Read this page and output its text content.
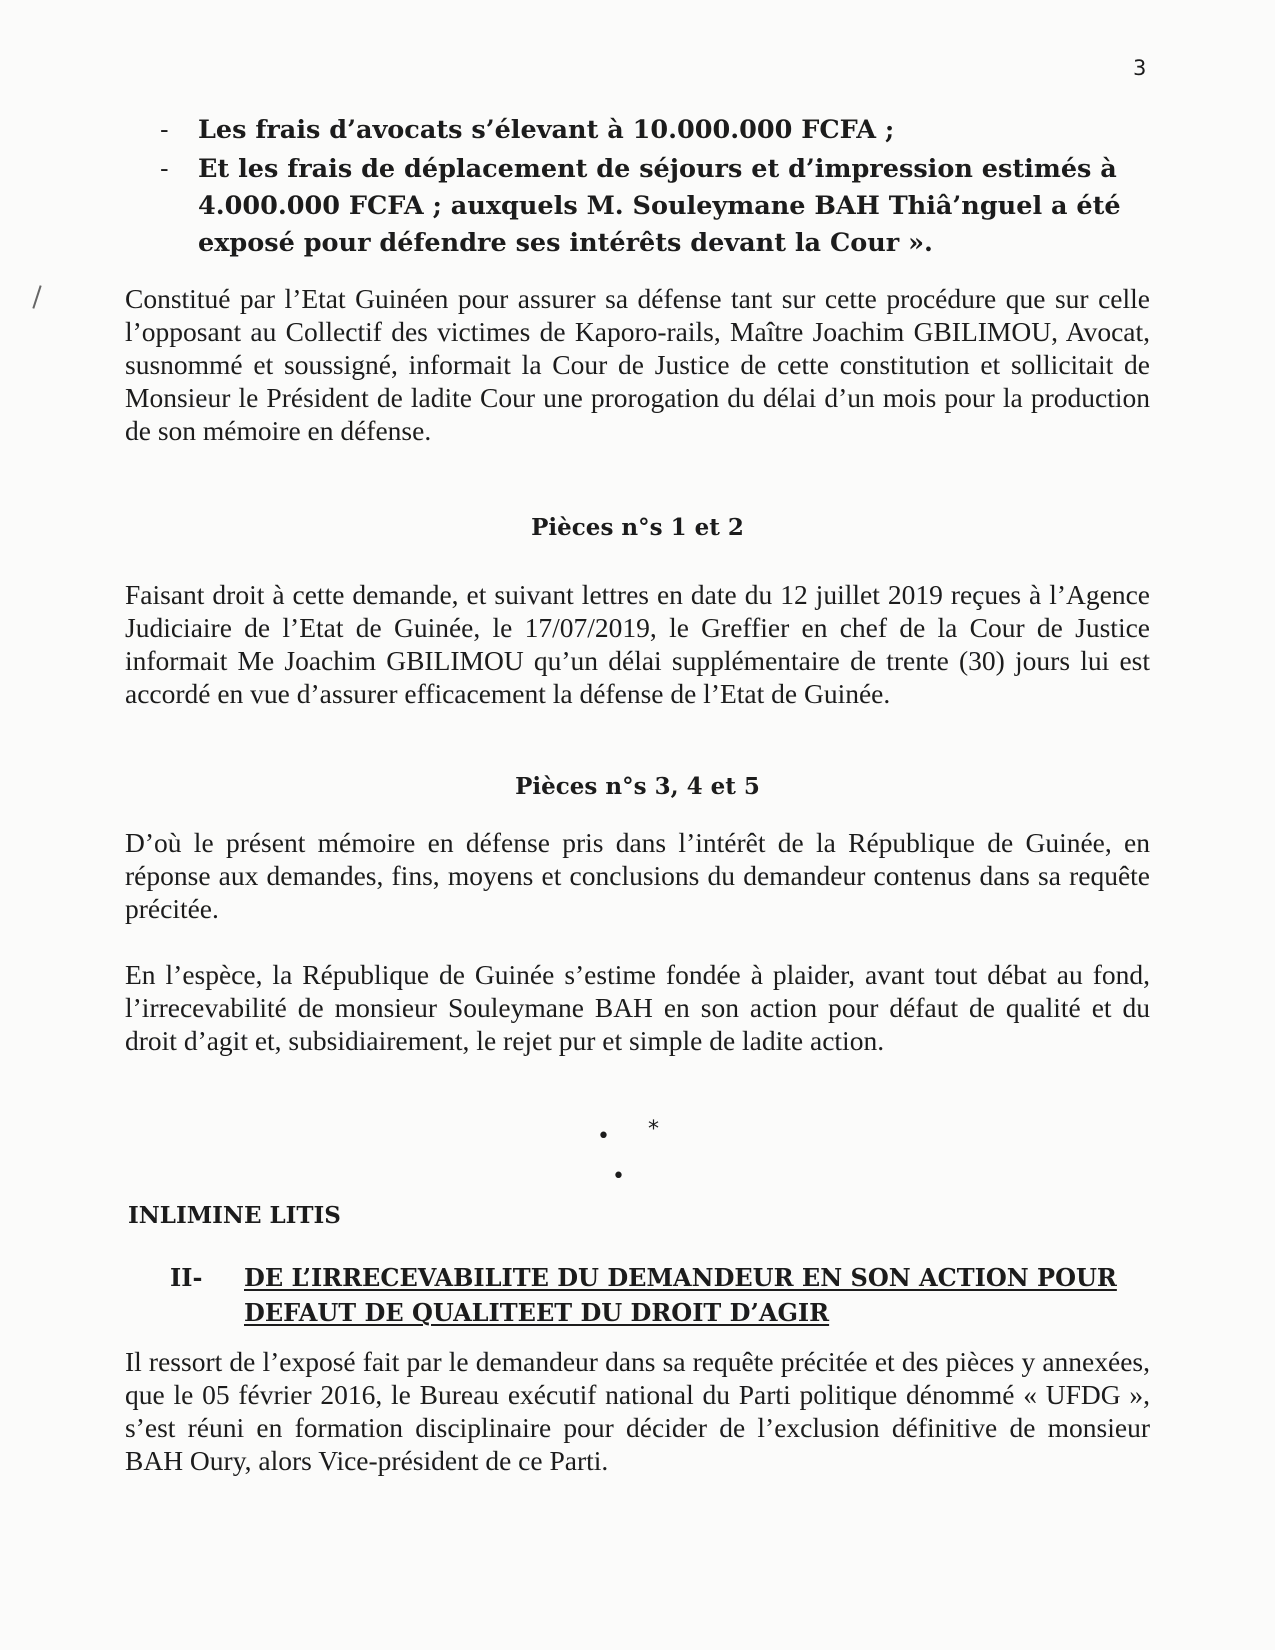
3
- Les frais d’avocats s’élevant à 10.000.000 FCFA ;
- Et les frais de déplacement de séjours et d’impression estimés à 4.000.000 FCFA ; auxquels M. Souleymane BAH Thiâ’nguel a été exposé pour défendre ses intérêts devant la Cour ».

Constitué par l’Etat Guinéen pour assurer sa défense tant sur cette procédure que sur celle l’opposant au Collectif des victimes de Kaporo-rails, Maître Joachim GBILIMOU, Avocat, susnommé et soussigné, informait la Cour de Justice de cette constitution et sollicitait de Monsieur le Président de ladite Cour une prorogation du délai d’un mois pour la production de son mémoire en défense.

Pièces n°s 1 et 2

Faisant droit à cette demande, et suivant lettres en date du 12 juillet 2019 reçues à l’Agence Judiciaire de l’Etat de Guinée, le 17/07/2019, le Greffier en chef de la Cour de Justice informait Me Joachim GBILIMOU qu’un délai supplémentaire de trente (30) jours lui est accordé en vue d’assurer efficacement la défense de l’Etat de Guinée.

Pièces n°s 3, 4 et 5

D’où le présent mémoire en défense pris dans l’intérêt de la République de Guinée, en réponse aux demandes, fins, moyens et conclusions du demandeur contenus dans sa requête précitée.

En l’espèce, la République de Guinée s’estime fondée à plaider, avant tout débat au fond, l’irrecevabilité de monsieur Souleymane BAH en son action pour défaut de qualité et du droit d’agit et, subsidiairement, le rejet pur et simple de ladite action.

• *
•
INLIMINE LITIS
II- DE L’IRRECEVABILITE DU DEMANDEUR EN SON ACTION POUR DEFAUT DE QUALITEET DU DROIT D’AGIR

Il ressort de l’exposé fait par le demandeur dans sa requête précitée et des pièces y annexées, que le 05 février 2016, le Bureau exécutif national du Parti politique dénommé « UFDG », s’est réuni en formation disciplinaire pour décider de l’exclusion définitive de monsieur BAH Oury, alors Vice-président de ce Parti.
